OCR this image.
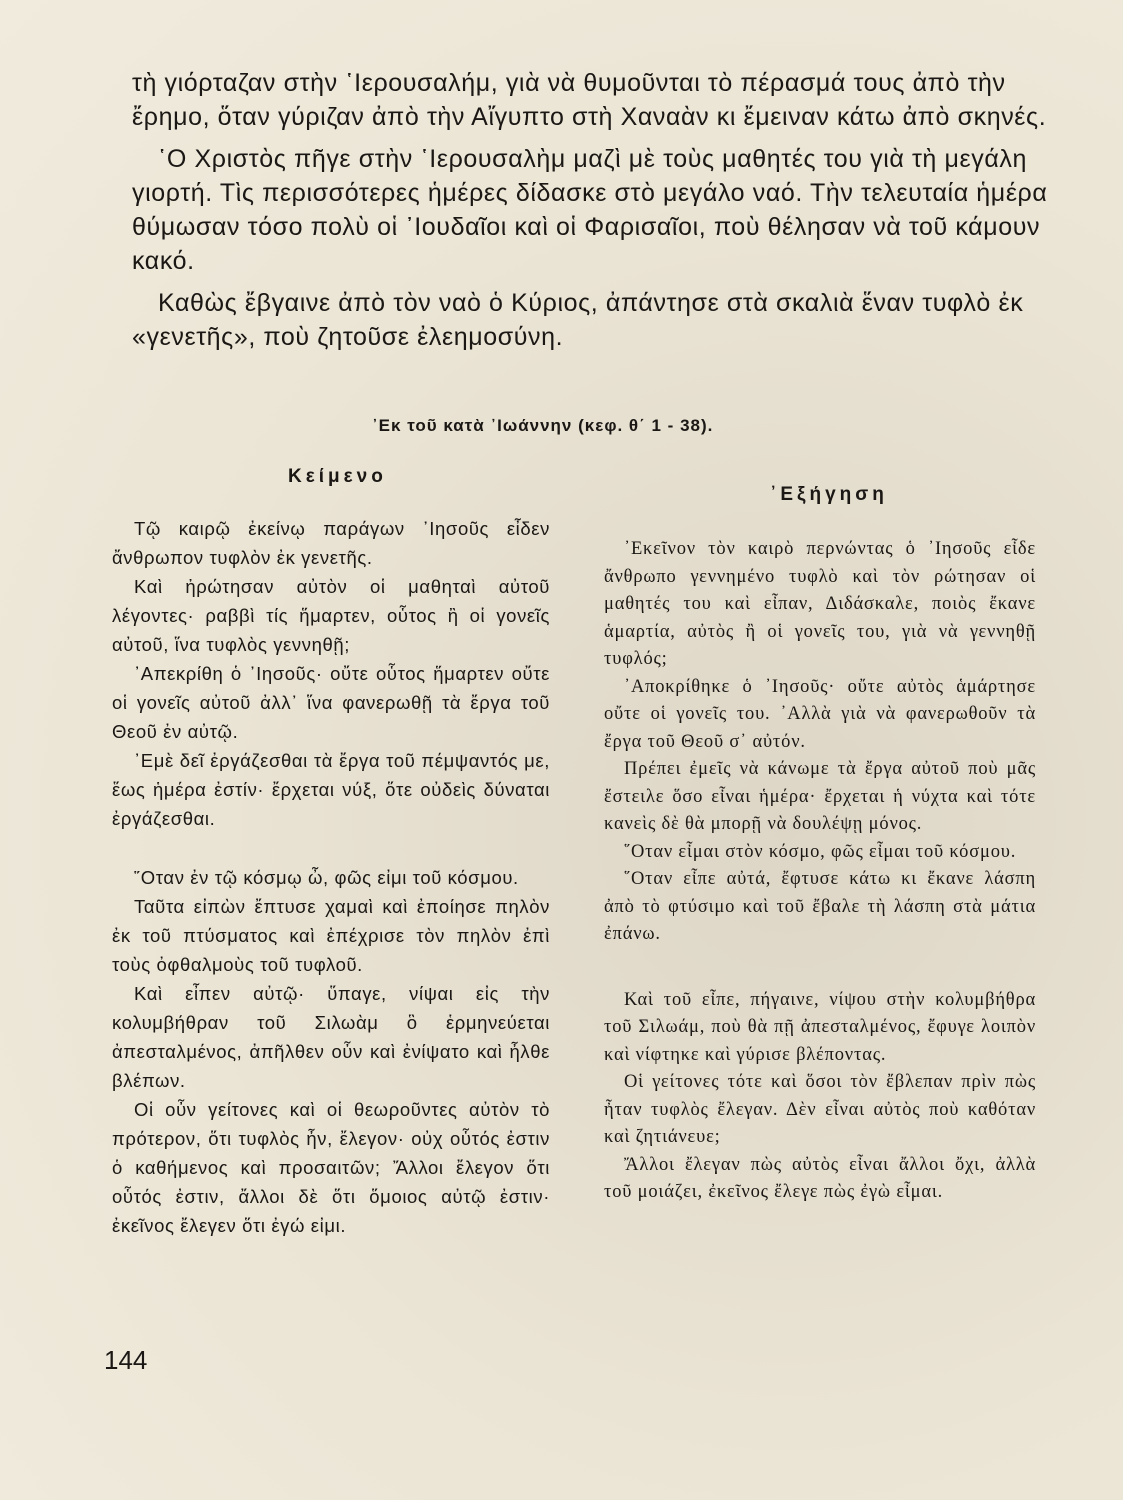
τὴ γιόρταζαν στὴν ῾Ιερουσαλήμ, γιὰ νὰ θυμοῦνται τὸ πέρασμά τους ἀπὸ τὴν ἔρημο, ὅταν γύριζαν ἀπὸ τὴν Αἴγυπτο στὴ Χαναὰν κι ἔμειναν κάτω ἀπὸ σκηνές.

῾Ο Χριστὸς πῆγε στὴν ῾Ιερουσαλὴμ μαζὶ μὲ τοὺς μαθητές του γιὰ τὴ μεγάλη γιορτή. Τὶς περισσότερες ἡμέρες δίδασκε στὸ μεγάλο ναό. Τὴν τελευταία ἡμέρα θύμωσαν τόσο πολὺ οἱ ᾿Ιουδαῖοι καὶ οἱ Φαρισαῖοι, ποὺ θέλησαν νὰ τοῦ κάμουν κακό.

Καθὼς ἔβγαινε ἀπὸ τὸν ναὸ ὁ Κύριος, ἀπάντησε στὰ σκαλιὰ ἕναν τυφλὸ ἐκ «γενετῆς», ποὺ ζητοῦσε ἐλεημοσύνη.

᾿Εκ τοῦ κατὰ ᾿Ιωάννην (κεφ. θ΄ 1 - 38).
Κείμενο
᾿Εξήγηση

Τῷ καιρῷ ἐκείνῳ παράγων ᾿Ιησοῦς εἶδεν ἄνθρωπον τυφλὸν ἐκ γενετῆς.

Καὶ ἠρώτησαν αὐτὸν οἱ μαθηταὶ αὐτοῦ λέγοντες· ραββὶ τίς ἥμαρτεν, οὗτος ἢ οἱ γονεῖς αὐτοῦ, ἵνα τυφλὸς γεννηθῇ;

᾿Απεκρίθη ὁ ᾿Ιησοῦς· οὔτε οὗτος ἥμαρτεν οὔτε οἱ γονεῖς αὐτοῦ ἀλλ᾿ ἵνα φανερωθῇ τὰ ἔργα τοῦ Θεοῦ ἐν αὐτῷ.

᾿Εμὲ δεῖ ἐργάζεσθαι τὰ ἔργα τοῦ πέμψαντός με, ἕως ἡμέρα ἐστίν· ἔρχεται νύξ, ὅτε οὐδεὶς δύναται ἐργάζεσθαι.

῞Οταν ἐν τῷ κόσμῳ ὦ, φῶς εἰμι τοῦ κόσμου.

Ταῦτα εἰπὼν ἔπτυσε χαμαὶ καὶ ἐποίησε πηλὸν ἐκ τοῦ πτύσματος καὶ ἐπέχρισε τὸν πηλὸν ἐπὶ τοὺς ὀφθαλμοὺς τοῦ τυφλοῦ.

Καὶ εἶπεν αὐτῷ· ὕπαγε, νίψαι εἰς τὴν κολυμβήθραν τοῦ Σιλωὰμ ὃ ἑρμηνεύεται ἀπεσταλμένος, ἀπῆλθεν οὖν καὶ ἐνίψατο καὶ ἦλθε βλέπων.

Οἱ οὖν γείτονες καὶ οἱ θεωροῦντες αὐτὸν τὸ πρότερον, ὅτι τυφλὸς ἦν, ἔλεγον· οὐχ οὗτός ἐστιν ὁ καθήμενος καὶ προσαιτῶν; Ἄλλοι ἔλεγον ὅτι οὗτός ἐστιν, ἄλλοι δὲ ὅτι ὅμοιος αὐτῷ ἐστιν· ἐκεῖνος ἔλεγεν ὅτι ἐγώ εἰμι.

᾿Εκεῖνον τὸν καιρὸ περνώντας ὁ ᾿Ιησοῦς εἶδε ἄνθρωπο γεννημένο τυφλὸ καὶ τὸν ρώτησαν οἱ μαθητές του καὶ εἶπαν, Διδάσκαλε, ποιὸς ἔκανε ἁμαρτία, αὐτὸς ἢ οἱ γονεῖς του, γιὰ νὰ γεννηθῇ τυφλός;

᾿Αποκρίθηκε ὁ ᾿Ιησοῦς· οὔτε αὐτὸς ἁμάρτησε οὔτε οἱ γονεῖς του. ᾿Αλλὰ γιὰ νὰ φανερωθοῦν τὰ ἔργα τοῦ Θεοῦ σ᾿ αὐτόν.

Πρέπει ἐμεῖς νὰ κάνωμε τὰ ἔργα αὐτοῦ ποὺ μᾶς ἔστειλε ὅσο εἶναι ἡμέρα· ἔρχεται ἡ νύχτα καὶ τότε κανεὶς δὲ θὰ μπορῇ νὰ δουλέψῃ μόνος.

῞Οταν εἶμαι στὸν κόσμο, φῶς εἶμαι τοῦ κόσμου.

῞Οταν εἶπε αὐτά, ἔφτυσε κάτω κι ἔκανε λάσπη ἀπὸ τὸ φτύσιμο καὶ τοῦ ἔβαλε τὴ λάσπη στὰ μάτια ἐπάνω.

Καὶ τοῦ εἶπε, πήγαινε, νίψου στὴν κολυμβήθρα τοῦ Σιλωάμ, ποὺ θὰ πῇ ἀπεσταλμένος, ἔφυγε λοιπὸν καὶ νίφτηκε καὶ γύρισε βλέποντας.

Οἱ γείτονες τότε καὶ ὅσοι τὸν ἔβλεπαν πρὶν πὼς ἦταν τυφλὸς ἔλεγαν. Δὲν εἶναι αὐτὸς ποὺ καθόταν καὶ ζητιάνευε;

Ἄλλοι ἔλεγαν πὼς αὐτὸς εἶναι ἄλλοι ὄχι, ἀλλὰ τοῦ μοιάζει, ἐκεῖνος ἔλεγε πὼς ἐγὼ εἶμαι.

144
